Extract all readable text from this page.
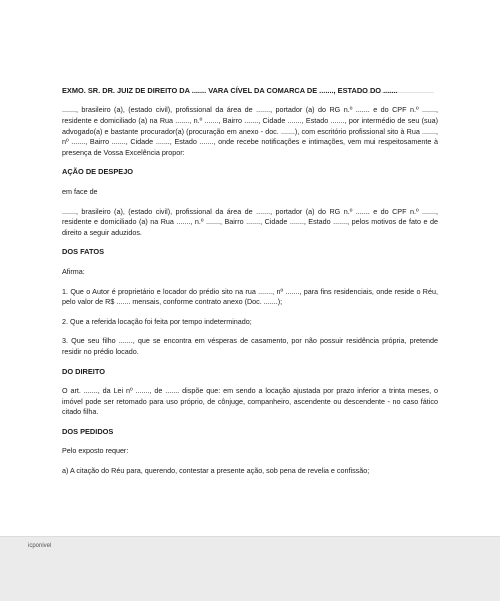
EXMO. SR. DR. JUIZ DE DIREITO DA ....... VARA CÍVEL DA COMARCA DE ......., ESTADO DO .......

......., brasileiro (a), (estado civil), profissional da área de ......., portador (a) do RG n.º ....... e do CPF n.º ......., residente e domiciliado (a) na Rua ......., n.º ......., Bairro ......., Cidade ......., Estado ......., por intermédio de seu (sua) advogado(a) e bastante procurador(a) (procuração em anexo - doc. .......), com escritório profissional sito à Rua ......., nº ......., Bairro ......., Cidade ......., Estado ......., onde recebe notificações e intimações, vem mui respeitosamente à presença de Vossa Excelência propor:

AÇÃO DE DESPEJO

em face de

......., brasileiro (a), (estado civil), profissional da área de ......., portador (a) do RG n.º ....... e do CPF n.º ......., residente e domiciliado (a) na Rua ......., n.º ......., Bairro ......., Cidade ......., Estado ......., pelos motivos de fato e de direito a seguir aduzidos.

DOS FATOS

Afirma:

1. Que o Autor é proprietário e locador do prédio sito na rua ......., nº ......., para fins residenciais, onde reside o Réu, pelo valor de R$ ....... mensais, conforme contrato anexo (Doc. .......);

2. Que a referida locação foi feita por tempo indeterminado;

3. Que seu filho ......., que se encontra em vésperas de casamento, por não possuir residência própria, pretende residir no prédio locado.

DO DIREITO

O art. ......., da Lei nº ......., de ....... dispõe que: em sendo a locação ajustada por prazo inferior a trinta meses, o imóvel pode ser retomado para uso próprio, de cônjuge, companheiro, ascendente ou descendente - no caso fático citado filha.

DOS PEDIDOS

Pelo exposto requer:

a) A citação do Réu para, querendo, contestar a presente ação, sob pena de revelia e confissão;

icponivel
